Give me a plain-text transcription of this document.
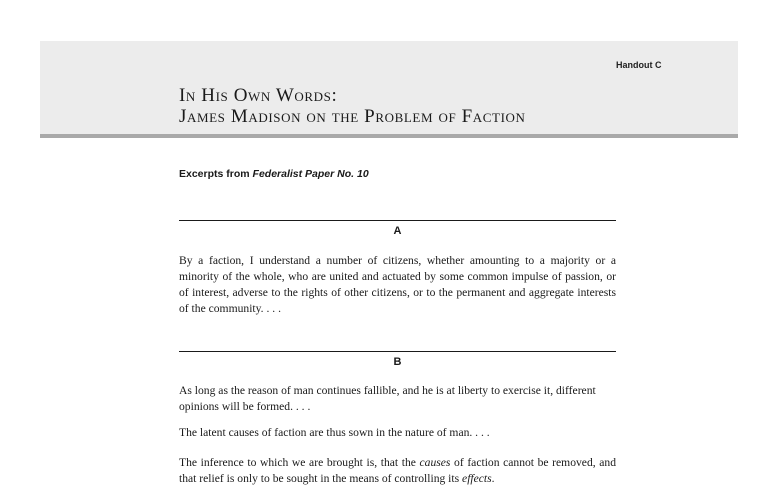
Handout C
In His Own Words:
James Madison on the Problem of Faction
Excerpts from Federalist Paper No. 10
A
By a faction, I understand a number of citizens, whether amounting to a majority or a minority of the whole, who are united and actuated by some common impulse of passion, or of interest, adverse to the rights of other citizens, or to the permanent and aggregate interests of the community. . . .
B
As long as the reason of man continues fallible, and he is at liberty to exercise it, different opinions will be formed. . . .
The latent causes of faction are thus sown in the nature of man. . . .
The inference to which we are brought is, that the causes of faction cannot be removed, and that relief is only to be sought in the means of controlling its effects.
